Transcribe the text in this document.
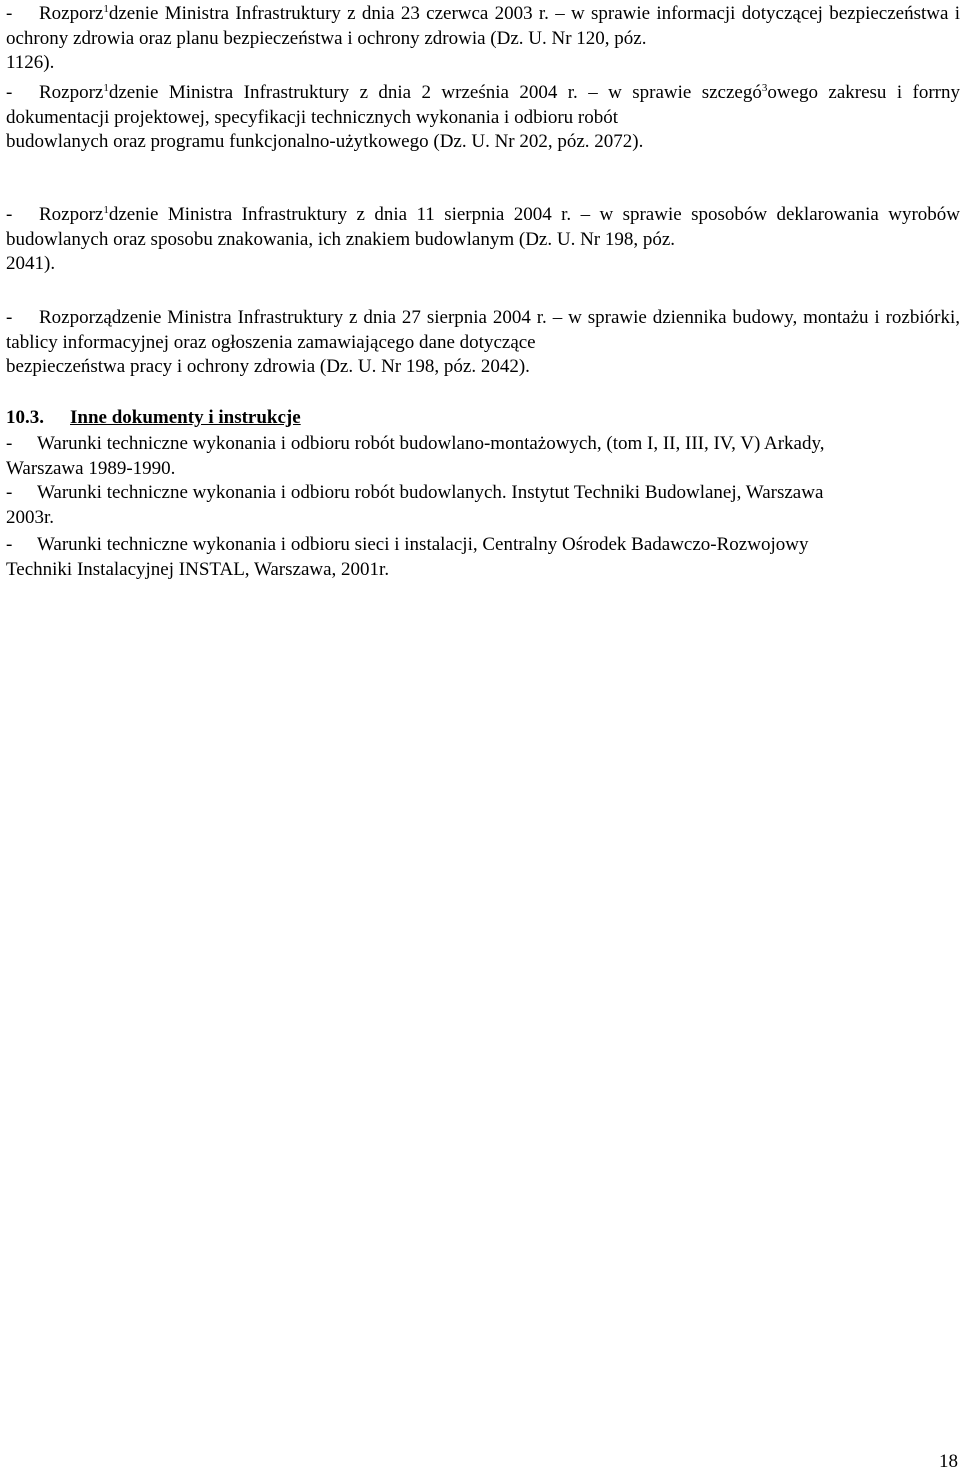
- Rozporz$^1$dzenie Ministra Infrastruktury z dnia 23 czerwca 2003 r. – w sprawie informacji dotyczącej bezpieczeństwa i ochrony zdrowia oraz planu bezpieczeństwa i ochrony zdrowia (Dz. U. Nr 120, póz.
1126).
- Rozporz$^1$dzenie Ministra Infrastruktury z dnia 2 września 2004 r. – w sprawie szczegó$^3$owego zakresu i forrny dokumentacji projektowej, specyfikacji technicznych wykonania i odbioru robót
budowlanych oraz programu funkcjonalno-użytkowego (Dz. U. Nr 202, póz. 2072).
- Rozporz$^1$dzenie Ministra Infrastruktury z dnia 11 sierpnia 2004 r. – w sprawie sposobów deklarowania wyrobów budowlanych oraz sposobu znakowania, ich znakiem budowlanym (Dz. U. Nr 198, póz.
2041).
- Rozporządzenie Ministra Infrastruktury z dnia 27 sierpnia 2004 r. – w sprawie dziennika budowy, montażu i rozbiórki, tablicy informacyjnej oraz ogłoszenia zamawiającego dane dotyczące
bezpieczeństwa pracy i ochrony zdrowia (Dz. U. Nr 198, póz. 2042).
10.3. Inne dokumenty i instrukcje
- Warunki techniczne wykonania i odbioru robót budowlano-montażowych, (tom I, II, III, IV, V) Arkady,
Warszawa 1989-1990.
- Warunki techniczne wykonania i odbioru robót budowlanych. Instytut Techniki Budowlanej, Warszawa
2003r.
- Warunki techniczne wykonania i odbioru sieci i instalacji, Centralny Ośrodek Badawczo-Rozwojowy
Techniki Instalacyjnej INSTAL, Warszawa, 2001r.
18
